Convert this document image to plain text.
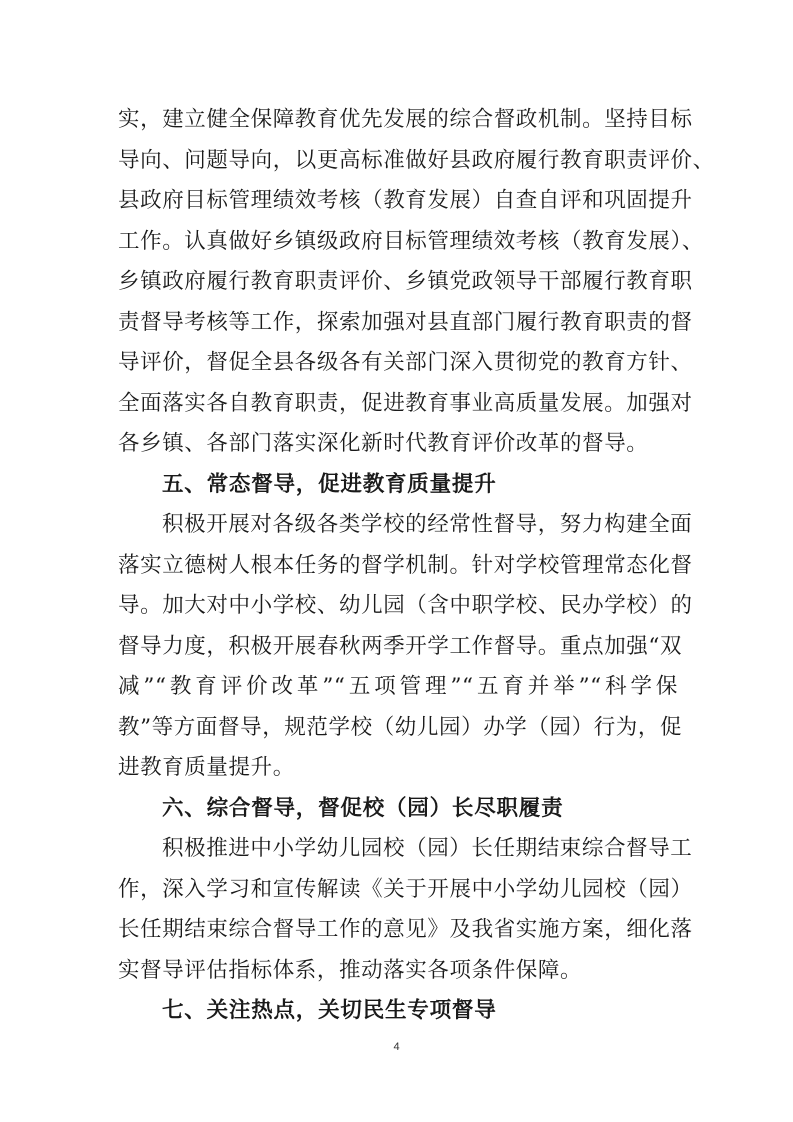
实，建立健全保障教育优先发展的综合督政机制。坚持目标
导向、问题导向，以更高标准做好县政府履行教育职责评价、
县政府目标管理绩效考核（教育发展）自查自评和巩固提升
工作。认真做好乡镇级政府目标管理绩效考核（教育发展）、
乡镇政府履行教育职责评价、乡镇党政领导干部履行教育职
责督导考核等工作，探索加强对县直部门履行教育职责的督
导评价，督促全县各级各有关部门深入贯彻党的教育方针、
全面落实各自教育职责，促进教育事业高质量发展。加强对
各乡镇、各部门落实深化新时代教育评价改革的督导。
五、常态督导，促进教育质量提升
积极开展对各级各类学校的经常性督导，努力构建全面
落实立德树人根本任务的督学机制。针对学校管理常态化督
导。加大对中小学校、幼儿园（含中职学校、民办学校）的
督导力度，积极开展春秋两季开学工作督导。重点加强“双
减”“教育评价改革”“五项管理”“五育并举”“科学保
教”等方面督导，规范学校（幼儿园）办学（园）行为，促
进教育质量提升。
六、综合督导，督促校（园）长尽职履责
积极推进中小学幼儿园校（园）长任期结束综合督导工
作，深入学习和宣传解读《关于开展中小学幼儿园校（园）
长任期结束综合督导工作的意见》及我省实施方案，细化落
实督导评估指标体系，推动落实各项条件保障。
七、关注热点，关切民生专项督导
4
